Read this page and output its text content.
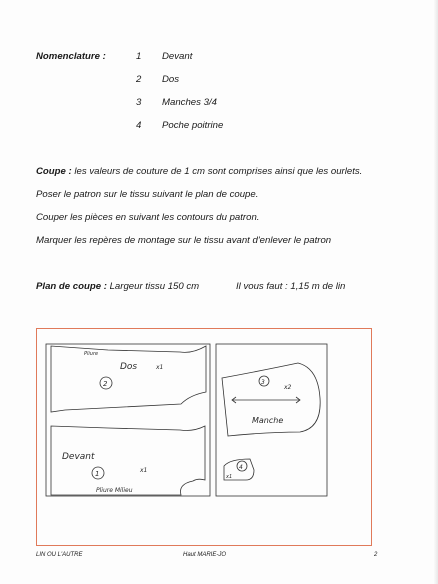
Nomenclature :	1 Devant
2 Dos
3 Manches 3/4
4 Poche poitrine
Coupe : les valeurs de couture de 1 cm sont comprises ainsi que les ourlets.
Poser le patron sur le tissu suivant le plan de coupe.
Couper les pièces en suivant les contours du patron.
Marquer les repères de montage sur le tissu avant d'enlever le patron
Plan de coupe : Largeur tissu 150 cm	Il vous faut : 1,15 m de lin
Pliure
Dos	x1
2
Devant
x1
1
Pliure Milieu
3
x2
Manche
4
x1
LIN OU L'AUTRE	Haut MARIE-JO	2
